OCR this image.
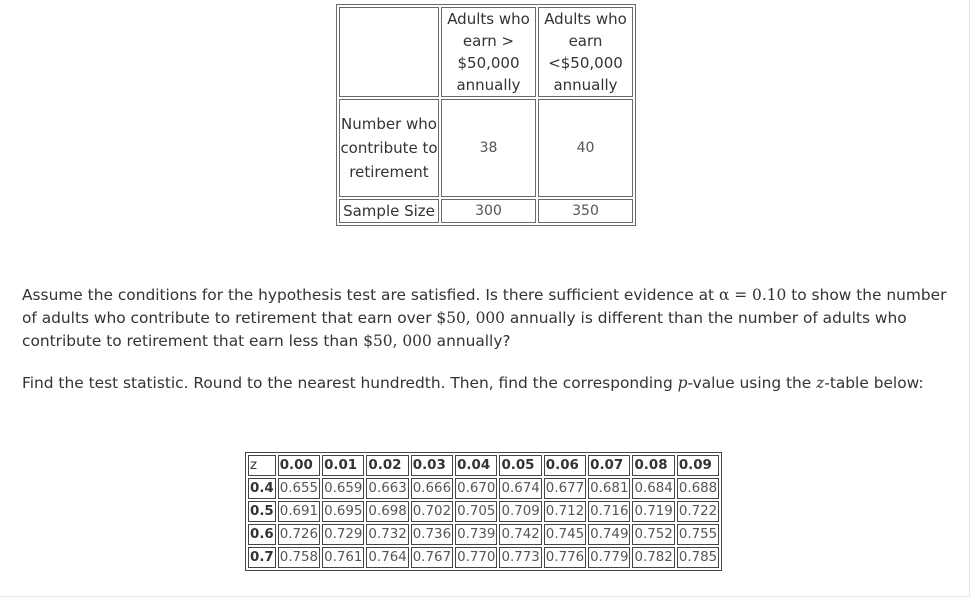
	Adults who earn > $50,000 annually	Adults who earn <$50,000 annually
Number who contribute to retirement	38	40
Sample Size	300	350

Assume the conditions for the hypothesis test are satisfied. Is there sufficient evidence at α = 0.10 to show the number of adults who contribute to retirement that earn over $50, 000 annually is different than the number of adults who contribute to retirement that earn less than $50, 000 annually?

Find the test statistic. Round to the nearest hundredth. Then, find the corresponding p-value using the z-table below:

z	0.00	0.01	0.02	0.03	0.04	0.05	0.06	0.07	0.08	0.09
0.4	0.655	0.659	0.663	0.666	0.670	0.674	0.677	0.681	0.684	0.688
0.5	0.691	0.695	0.698	0.702	0.705	0.709	0.712	0.716	0.719	0.722
0.6	0.726	0.729	0.732	0.736	0.739	0.742	0.745	0.749	0.752	0.755
0.7	0.758	0.761	0.764	0.767	0.770	0.773	0.776	0.779	0.782	0.785
